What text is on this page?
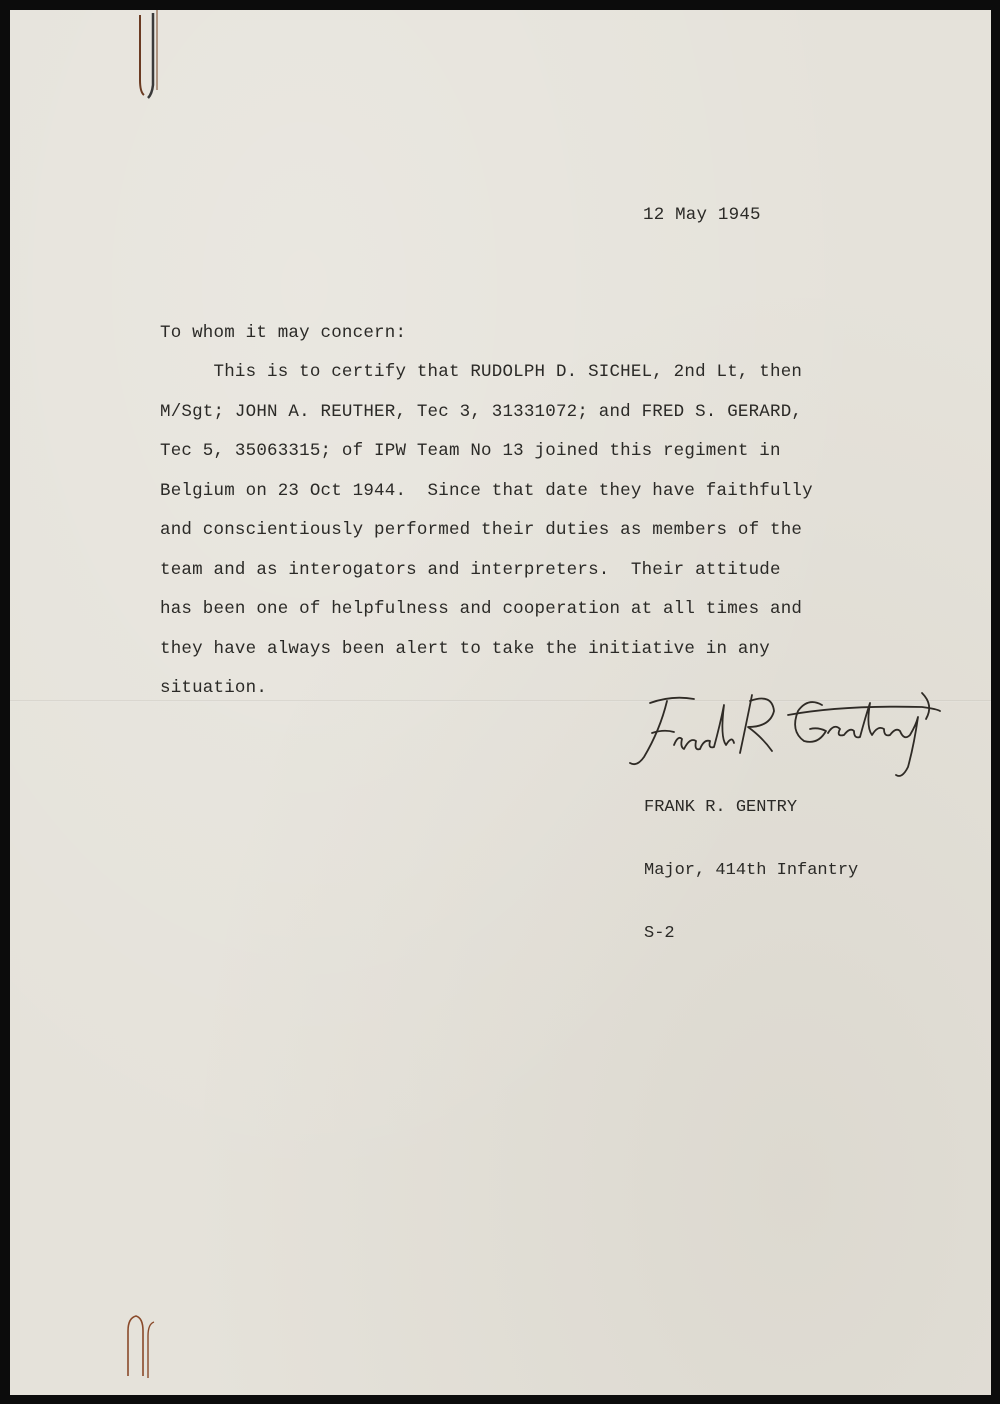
12 May 1945
To whom it may concern:
This is to certify that RUDOLPH D. SICHEL, 2nd Lt, then
M/Sgt; JOHN A. REUTHER, Tec 3, 31331072; and FRED S. GERARD,
Tec 5, 35063315; of IPW Team No 13 joined this regiment in
Belgium on 23 Oct 1944.  Since that date they have faithfully
and conscientiously performed their duties as members of the
team and as interogators and interpreters.  Their attitude
has been one of helpfulness and cooperation at all times and
they have always been alert to take the initiative in any
situation.

FRANK R. GENTRY

Major, 414th Infantry

S-2
